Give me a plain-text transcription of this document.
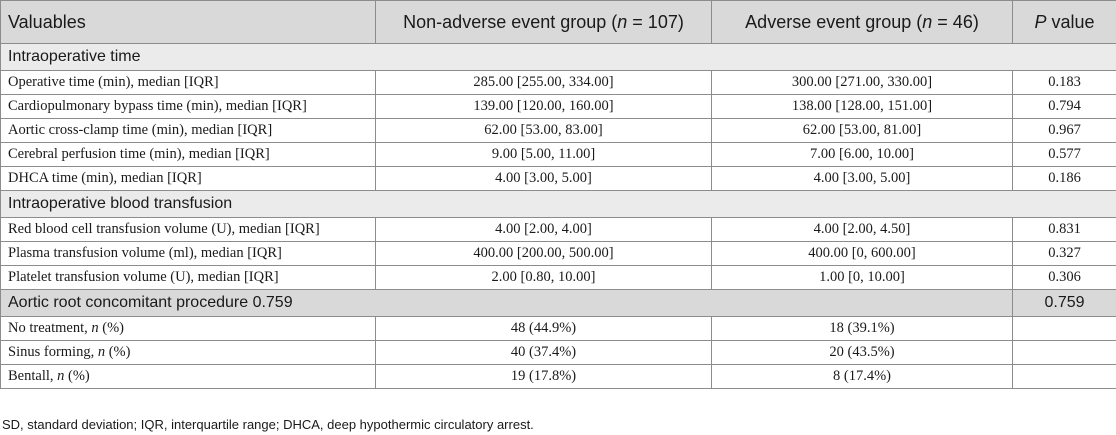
Valuables	Non-adverse event group (n = 107)	Adverse event group (n = 46)	P value
Intraoperative time			
Operative time (min), median [IQR]	285.00 [255.00, 334.00]	300.00 [271.00, 330.00]	0.183
Cardiopulmonary bypass time (min), median [IQR]	139.00 [120.00, 160.00]	138.00 [128.00, 151.00]	0.794
Aortic cross-clamp time (min), median [IQR]	62.00 [53.00, 83.00]	62.00 [53.00, 81.00]	0.967
Cerebral perfusion time (min), median [IQR]	9.00 [5.00, 11.00]	7.00 [6.00, 10.00]	0.577
DHCA time (min), median [IQR]	4.00 [3.00, 5.00]	4.00 [3.00, 5.00]	0.186
Intraoperative blood transfusion			
Red blood cell transfusion volume (U), median [IQR]	4.00 [2.00, 4.00]	4.00 [2.00, 4.50]	0.831
Plasma transfusion volume (ml), median [IQR]	400.00 [200.00, 500.00]	400.00 [0, 600.00]	0.327
Platelet transfusion volume (U), median [IQR]	2.00 [0.80, 10.00]	1.00 [0, 10.00]	0.306
Aortic root concomitant procedure 0.759			0.759
No treatment, n (%)	48 (44.9%)	18 (39.1%)	
Sinus forming, n (%)	40 (37.4%)	20 (43.5%)	
Bentall, n (%)	19 (17.8%)	8 (17.4%)	
SD, standard deviation; IQR, interquartile range; DHCA, deep hypothermic circulatory arrest.
